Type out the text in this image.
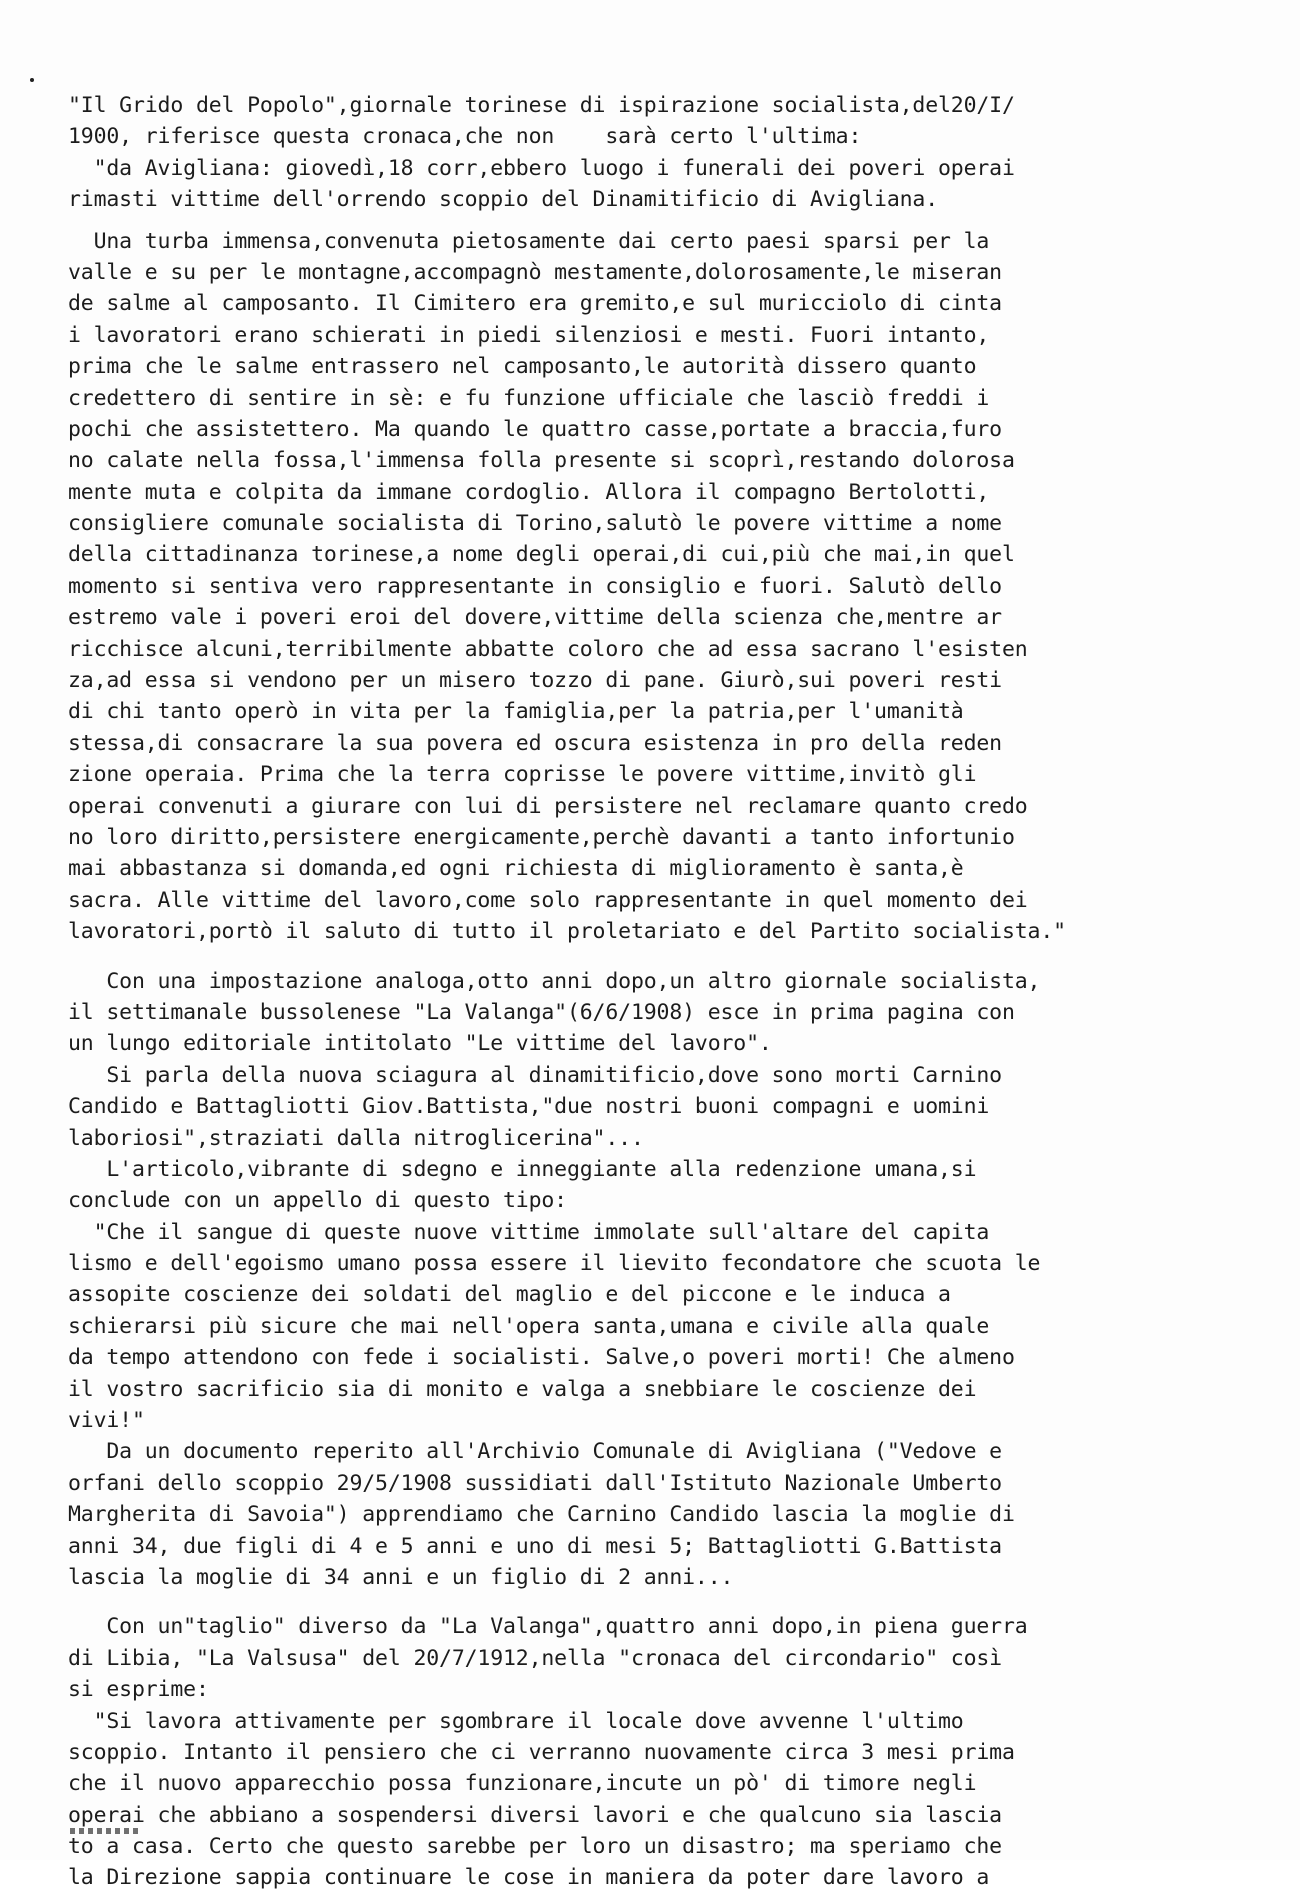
"Il Grido del Popolo",giornale torinese di ispirazione socialista,del20/I/
1900, riferisce questa cronaca,che non    sarà certo l'ultima:
"da Avigliana: giovedì,18 corr,ebbero luogo i funerali dei poveri operai
rimasti vittime dell'orrendo scoppio del Dinamitificio di Avigliana.
Una turba immensa,convenuta pietosamente dai certo paesi sparsi per la
valle e su per le montagne,accompagnò mestamente,dolorosamente,le miseran
de salme al camposanto. Il Cimitero era gremito,e sul muricciolo di cinta
i lavoratori erano schierati in piedi silenziosi e mesti. Fuori intanto,
prima che le salme entrassero nel camposanto,le autorità dissero quanto
credettero di sentire in sè: e fu funzione ufficiale che lasciò freddi i
pochi che assistettero. Ma quando le quattro casse,portate a braccia,furo
no calate nella fossa,l'immensa folla presente si scoprì,restando dolorosa
mente muta e colpita da immane cordoglio. Allora il compagno Bertolotti,
consigliere comunale socialista di Torino,salutò le povere vittime a nome
della cittadinanza torinese,a nome degli operai,di cui,più che mai,in quel
momento si sentiva vero rappresentante in consiglio e fuori. Salutò dello
estremo vale i poveri eroi del dovere,vittime della scienza che,mentre ar
ricchisce alcuni,terribilmente abbatte coloro che ad essa sacrano l'esisten
za,ad essa si vendono per un misero tozzo di pane. Giurò,sui poveri resti
di chi tanto operò in vita per la famiglia,per la patria,per l'umanità
stessa,di consacrare la sua povera ed oscura esistenza in pro della reden
zione operaia. Prima che la terra coprisse le povere vittime,invitò gli
operai convenuti a giurare con lui di persistere nel reclamare quanto credo
no loro diritto,persistere energicamente,perchè davanti a tanto infortunio
mai abbastanza si domanda,ed ogni richiesta di miglioramento è santa,è
sacra. Alle vittime del lavoro,come solo rappresentante in quel momento dei
lavoratori,portò il saluto di tutto il proletariato e del Partito socialista."
Con una impostazione analoga,otto anni dopo,un altro giornale socialista,
il settimanale bussolenese "La Valanga"(6/6/1908) esce in prima pagina con
un lungo editoriale intitolato "Le vittime del lavoro".
Si parla della nuova sciagura al dinamitificio,dove sono morti Carnino
Candido e Battagliotti Giov.Battista,"due nostri buoni compagni e uomini
laboriosi",straziati dalla nitroglicerina"...
L'articolo,vibrante di sdegno e inneggiante alla redenzione umana,si
conclude con un appello di questo tipo:
"Che il sangue di queste nuove vittime immolate sull'altare del capita
lismo e dell'egoismo umano possa essere il lievito fecondatore che scuota le
assopite coscienze dei soldati del maglio e del piccone e le induca a
schierarsi più sicure che mai nell'opera santa,umana e civile alla quale
da tempo attendono con fede i socialisti. Salve,o poveri morti! Che almeno
il vostro sacrificio sia di monito e valga a snebbiare le coscienze dei
vivi!"
Da un documento reperito all'Archivio Comunale di Avigliana ("Vedove e
orfani dello scoppio 29/5/1908 sussidiati dall'Istituto Nazionale Umberto
Margherita di Savoia") apprendiamo che Carnino Candido lascia la moglie di
anni 34, due figli di 4 e 5 anni e uno di mesi 5; Battagliotti G.Battista
lascia la moglie di 34 anni e un figlio di 2 anni...
Con un"taglio" diverso da "La Valanga",quattro anni dopo,in piena guerra
di Libia, "La Valsusa" del 20/7/1912,nella "cronaca del circondario" così
si esprime:
"Si lavora attivamente per sgombrare il locale dove avvenne l'ultimo
scoppio. Intanto il pensiero che ci verranno nuovamente circa 3 mesi prima
che il nuovo apparecchio possa funzionare,incute un pò' di timore negli
operai che abbiano a sospendersi diversi lavori e che qualcuno sia lascia
to a casa. Certo che questo sarebbe per loro un disastro; ma speriamo che
la Direzione sappia continuare le cose in maniera da poter dare lavoro a
